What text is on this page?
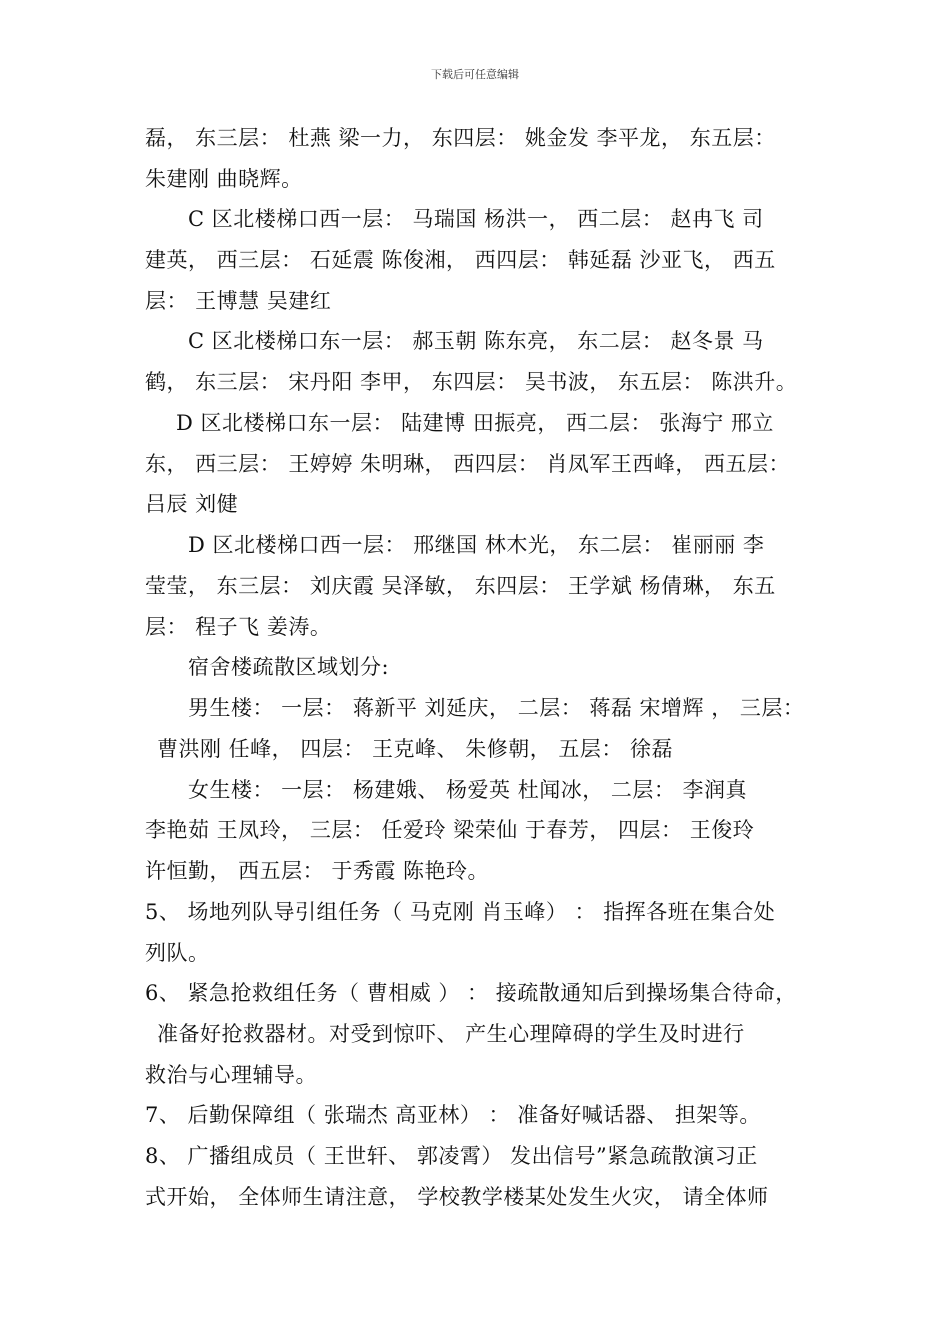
下载后可任意编辑
磊， 东三层： 杜燕 梁一力， 东四层： 姚金发 李平龙， 东五层：
朱建刚 曲晓辉。
C 区北楼梯口西一层： 马瑞国 杨洪一， 西二层： 赵冉飞 司
建英， 西三层： 石延震 陈俊湘， 西四层： 韩延磊 沙亚飞， 西五
层： 王博慧 吴建红
C 区北楼梯口东一层： 郝玉朝 陈东亮， 东二层： 赵冬景 马
鹤， 东三层： 宋丹阳 李甲， 东四层： 吴书波， 东五层： 陈洪升。
D 区北楼梯口东一层： 陆建博 田振亮， 西二层： 张海宁 邢立
东， 西三层： 王婷婷 朱明琳， 西四层： 肖凤军王西峰， 西五层：
吕辰 刘健
D 区北楼梯口西一层： 邢继国 林木光， 东二层： 崔丽丽 李
莹莹， 东三层： 刘庆霞 吴泽敏， 东四层： 王学斌 杨倩琳， 东五
层： 程子飞 姜涛。
宿舍楼疏散区域划分:
男生楼： 一层： 蒋新平 刘延庆， 二层： 蒋磊 宋增辉 ， 三层：
曹洪刚 任峰， 四层： 王克峰、 朱修朝， 五层： 徐磊
女生楼： 一层： 杨建娥、 杨爱英 杜闻冰， 二层： 李润真
李艳茹 王凤玲， 三层： 任爱玲 梁荣仙 于春芳， 四层： 王俊玲
许恒勤， 西五层： 于秀霞 陈艳玲。
5、 场地列队导引组任务（ 马克刚 肖玉峰） ： 指挥各班在集合处
列队。
6、 紧急抢救组任务（ 曹相威 ） ： 接疏散通知后到操场集合待命，
准备好抢救器材。对受到惊吓、 产生心理障碍的学生及时进行
救治与心理辅导。
7、 后勤保障组（ 张瑞杰 高亚林） ： 准备好喊话器、 担架等。
8、 广播组成员（ 王世轩、 郭凌霄） 发出信号”紧急疏散演习正
式开始， 全体师生请注意， 学校教学楼某处发生火灾， 请全体师
